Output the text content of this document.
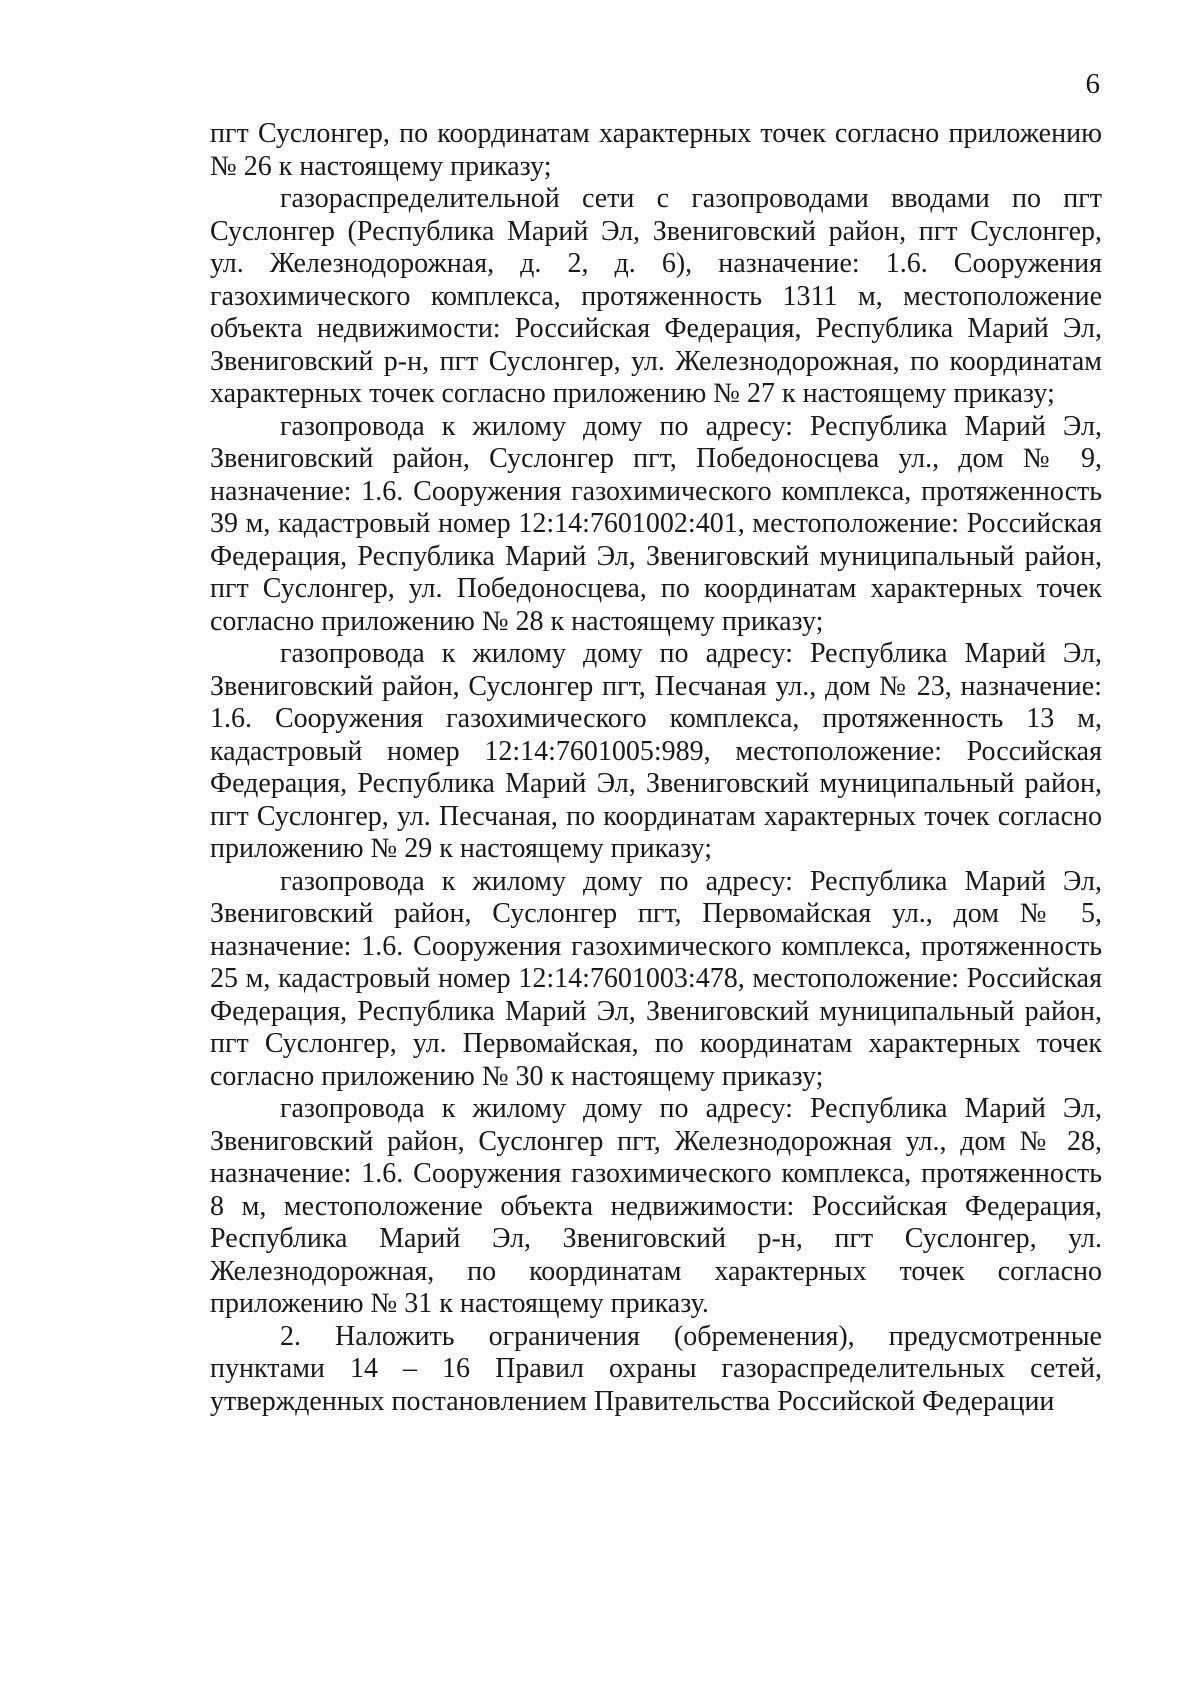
6

пгт Суслонгер, по координатам характерных точек согласно приложению № 26 к настоящему приказу;

газораспределительной сети с газопроводами вводами по пгт Суслонгер (Республика Марий Эл, Звениговский район, пгт Суслонгер, ул. Железнодорожная, д. 2, д. 6), назначение: 1.6. Сооружения газохимического комплекса, протяженность 1311 м, местоположение объекта недвижимости: Российская Федерация, Республика Марий Эл, Звениговский р-н, пгт Суслонгер, ул. Железнодорожная, по координатам характерных точек согласно приложению № 27 к настоящему приказу;

газопровода к жилому дому по адресу: Республика Марий Эл, Звениговский район, Суслонгер пгт, Победоносцева ул., дом № 9, назначение: 1.6. Сооружения газохимического комплекса, протяженность 39 м, кадастровый номер 12:14:7601002:401, местоположение: Российская Федерация, Республика Марий Эл, Звениговский муниципальный район, пгт Суслонгер, ул. Победоносцева, по координатам характерных точек согласно приложению № 28 к настоящему приказу;

газопровода к жилому дому по адресу: Республика Марий Эл, Звениговский район, Суслонгер пгт, Песчаная ул., дом № 23, назначение: 1.6. Сооружения газохимического комплекса, протяженность 13 м, кадастровый номер 12:14:7601005:989, местоположение: Российская Федерация, Республика Марий Эл, Звениговский муниципальный район, пгт Суслонгер, ул. Песчаная, по координатам характерных точек согласно приложению № 29 к настоящему приказу;

газопровода к жилому дому по адресу: Республика Марий Эл, Звениговский район, Суслонгер пгт, Первомайская ул., дом № 5, назначение: 1.6. Сооружения газохимического комплекса, протяженность 25 м, кадастровый номер 12:14:7601003:478, местоположение: Российская Федерация, Республика Марий Эл, Звениговский муниципальный район, пгт Суслонгер, ул. Первомайская, по координатам характерных точек согласно приложению № 30 к настоящему приказу;

газопровода к жилому дому по адресу: Республика Марий Эл, Звениговский район, Суслонгер пгт, Железнодорожная ул., дом № 28, назначение: 1.6. Сооружения газохимического комплекса, протяженность 8 м, местоположение объекта недвижимости: Российская Федерация, Республика Марий Эл, Звениговский р-н, пгт Суслонгер, ул. Железнодорожная, по координатам характерных точек согласно приложению № 31 к настоящему приказу.

2. Наложить ограничения (обременения), предусмотренные пунктами 14 – 16 Правил охраны газораспределительных сетей, утвержденных постановлением Правительства Российской Федерации
